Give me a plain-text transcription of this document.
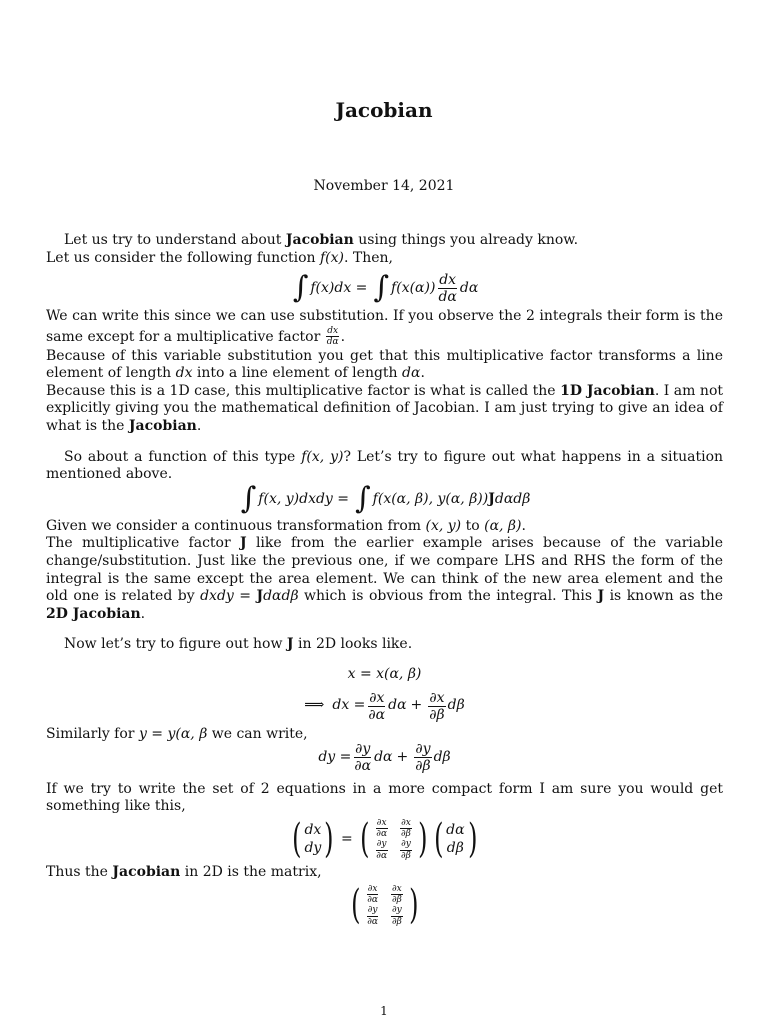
Jacobian
November 14, 2021

Let us try to understand about Jacobian using things you already know.

Let us consider the following function f(x). Then,

∫ f(x)dx = ∫ $f(x(\alpha)) \frac{dx}{d\alpha}$ dα

We can write this since we can use substitution. If you observe the 2 integrals their form is the same except for a multiplicative factor $\frac{dx}{d\alpha}$ .

Because of this variable substitution you get that this multiplicative factor transforms a line element of length dx into a line element of length dα.

Because this is a 1D case, this multiplicative factor is what is called the 1D Jacobian. I am not explicitly giving you the mathematical definition of Jacobian. I am just trying to give an idea of what is the Jacobian.

So about a function of this type f(x, y)? Let’s try to figure out what happens in a situation mentioned above.

∫ f(x, y)dxdy = ∫ f(x(α, β), y(α, β)) J dαdβ

Given we consider a continuous transformation from (x, y) to (α, β).

The multiplicative factor J like from the earlier example arises because of the variable change/substitution. Just like the previous one, if we compare LHS and RHS the form of the integral is the same except the area element. We can think of the new area element and the old one is related by dxdy = Jdαdβ which is obvious from the integral. This J is known as the 2D Jacobian.

Now let’s try to figure out how J in 2D looks like.

x = x(α, β)
⟹ dx = $\frac{\partial x}{\partial\alpha}$ $d\alpha + \frac{\partial x}{\partial\beta}$ dβ

Similarly for y = y(α, β we can write,

dy = $\frac{\partial y}{\partial\alpha}$ $d\alpha + \frac{\partial y}{\partial\beta}$ dβ

If we try to write the set of 2 equations in a more compact form I am sure you would get something like this,

( dx
dy ) = ( $\frac{\partial x}{\partial\alpha} \frac{\partial x}{\partial\beta}$
$\frac{\partial y}{\partial\alpha} \frac{\partial y}{\partial\beta}$ ) ( dα
dβ )

Thus the Jacobian in 2D is the matrix,

( $\frac{\partial x}{\partial\alpha} \frac{\partial x}{\partial\beta}$
$\frac{\partial y}{\partial\alpha} \frac{\partial y}{\partial\beta}$ )
1
